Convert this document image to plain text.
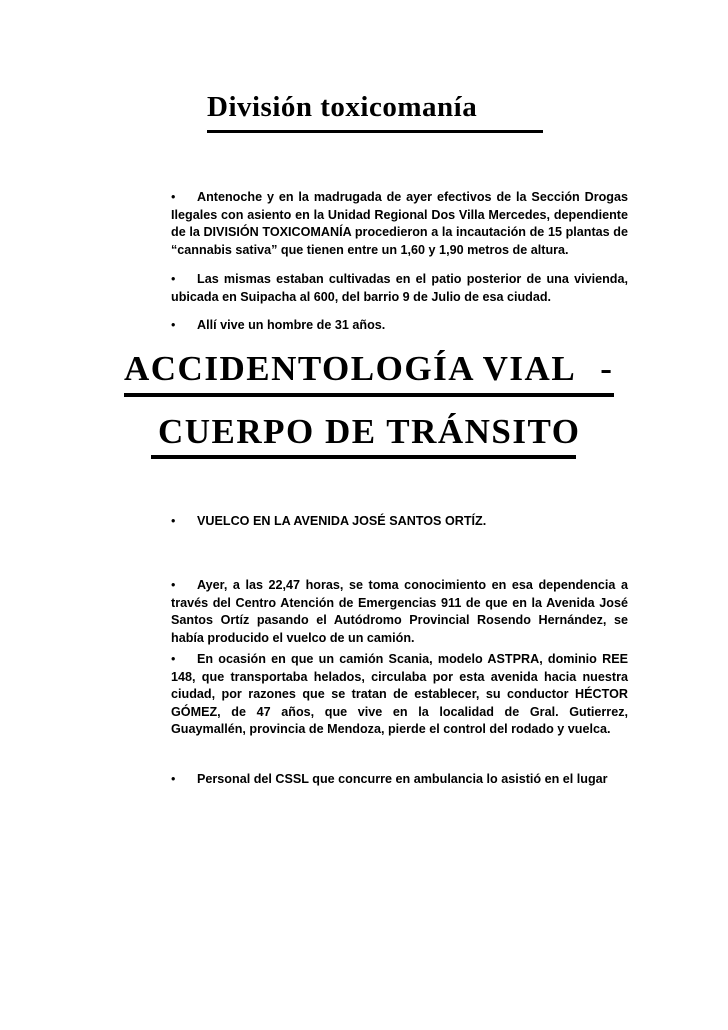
División toxicomanía

• Antenoche y en la madrugada de ayer efectivos de la Sección Drogas Ilegales con asiento en la Unidad Regional Dos Villa Mercedes, dependiente de la DIVISIÓN TOXICOMANÍA procedieron a la incautación de 15 plantas de “cannabis sativa” que tienen entre un 1,60 y 1,90 metros de altura.

• Las mismas estaban cultivadas en el patio posterior de una vivienda, ubicada en Suipacha al 600, del barrio 9 de Julio de esa ciudad.

• Allí vive un hombre de 31 años.

ACCIDENTOLOGÍA VIAL -
CUERPO DE TRÁNSITO

• VUELCO EN LA AVENIDA JOSÉ SANTOS ORTÍZ.

• Ayer, a las 22,47 horas, se toma conocimiento en esa dependencia a través del Centro Atención de Emergencias 911 de que en la Avenida José Santos Ortíz pasando el Autódromo Provincial Rosendo Hernández, se había producido el vuelco de un camión.

• En ocasión en que un camión Scania, modelo ASTPRA, dominio REE 148, que transportaba helados, circulaba por esta avenida hacia nuestra ciudad, por razones que se tratan de establecer, su conductor HÉCTOR GÓMEZ, de 47 años, que vive en la localidad de Gral. Gutierrez, Guaymallén, provincia de Mendoza, pierde el control del rodado y vuelca.

• Personal del CSSL que concurre en ambulancia lo asistió en el lugar
